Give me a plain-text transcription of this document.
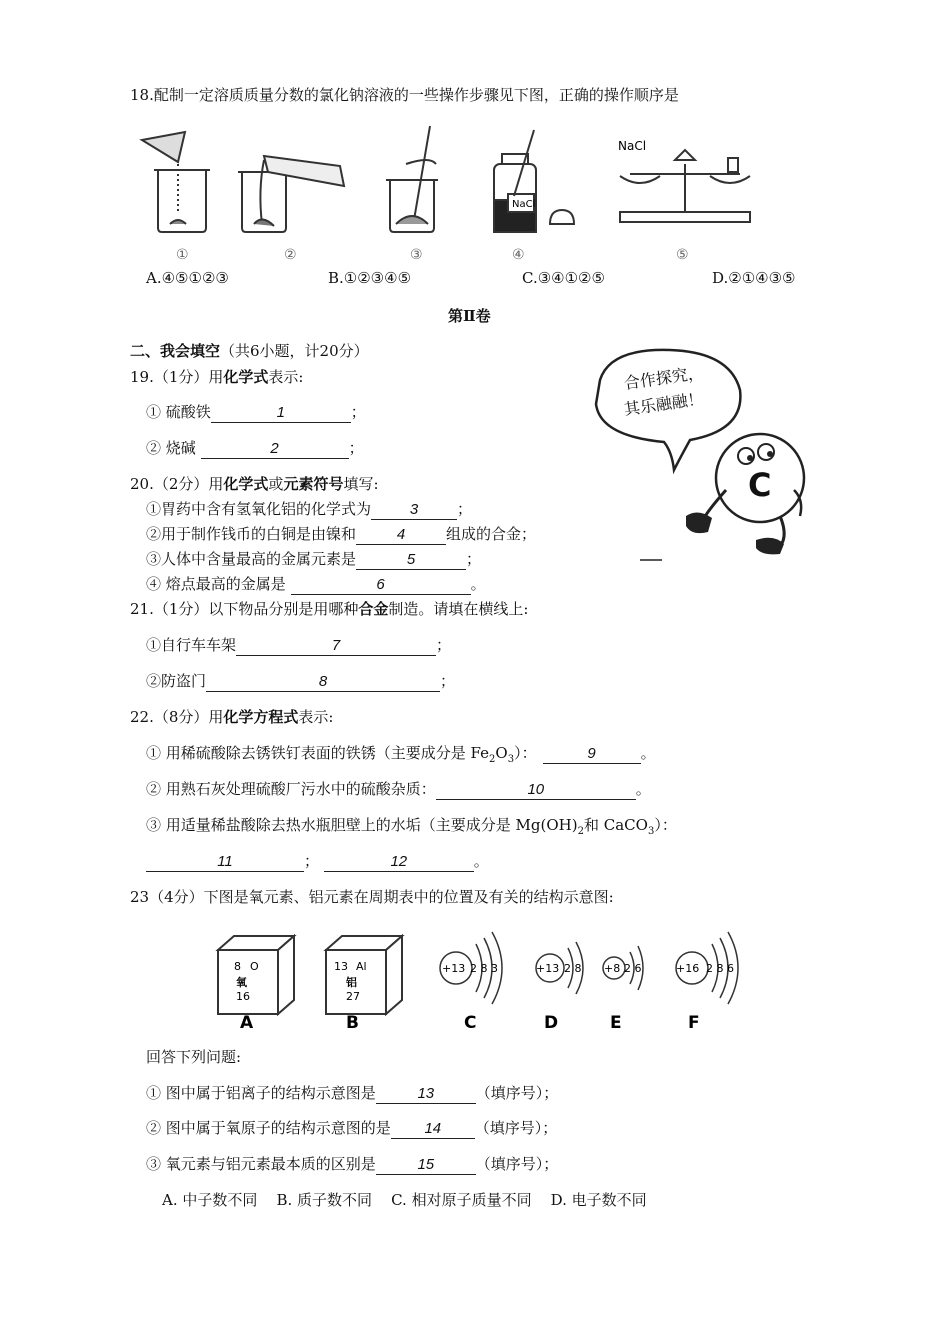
18.配制一定溶质质量分数的氯化钠溶液的一些操作步骤见下图，正确的操作顺序是
NaCl
NaCl
①	②	③	④	⑤
A.④⑤①②③	B.①②③④⑤	C.③④①②⑤	D.②①④③⑤
第Ⅱ卷
二、我会填空（共6小题，计20分）
合作探究，
其乐融融！
C
19.（1分）用化学式表示:
① 硫酸铁	1	；
② 烧碱	2	；
20.（2分）用化学式或元素符号填写:
①胃药中含有氢氧化铝的化学式为	3	；
②用于制作钱币的白铜是由镍和	4	组成的合金；
③人体中含量最高的金属元素是	5	；
④ 熔点最高的金属是	6	。
21.（1分）以下物品分别是用哪种合金制造。请填在横线上:
①自行车车架	7	；
②防盗门	8	；
22.（8分）用化学方程式表示:
① 用稀硫酸除去锈铁钉表面的铁锈（主要成分是 $Fe_2O_3$）：	9	。
② 用熟石灰处理硫酸厂污水中的硫酸杂质：	10	。
③ 用适量稀盐酸除去热水瓶胆壁上的水垢（主要成分是 $Mg(OH)_2$和 CaCO$_3$）：
11	；	12	。
23（4分）下图是氧元素、铝元素在周期表中的位置及有关的结构示意图:
8 O
氧
16
13 Al
铝
27
+13 2 8 3	+13 2 8 +8 2 6	+16 2 8 6
A	B	C	D	E	F
回答下列问题:
① 图中属于铝离子的结构示意图是	13	（填序号）；
② 图中属于氧原子的结构示意图的是 14 （填序号）；
③ 氧元素与铝元素最本质的区别是	15	（填序号）；
A. 中子数不同 B. 质子数不同 C. 相对原子质量不同 D. 电子数不同
